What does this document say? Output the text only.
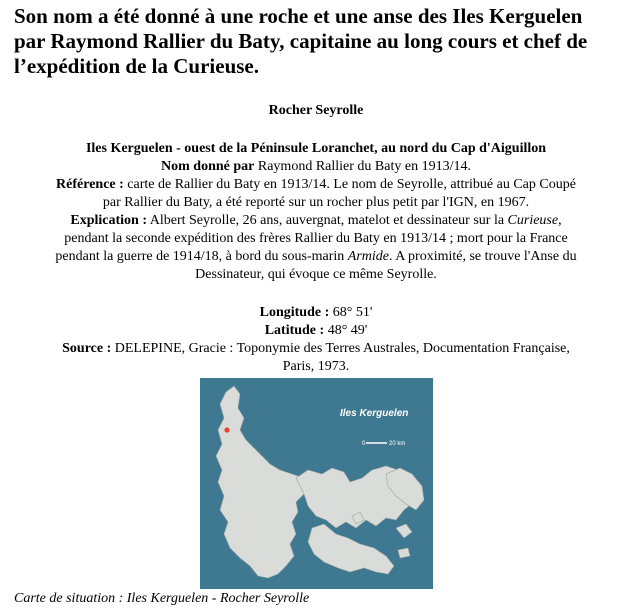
Son nom a été donné à une roche et une anse des Iles Kerguelen
par Raymond Rallier du Baty, capitaine au long cours et chef de
l’expédition de la Curieuse.
Rocher Seyrolle
Iles Kerguelen - ouest de la Péninsule Loranchet, au nord du Cap d'Aiguillon
Nom donné par Raymond Rallier du Baty en 1913/14.
Référence : carte de Rallier du Baty en 1913/14. Le nom de Seyrolle, attribué au Cap Coupé
par Rallier du Baty, a été reporté sur un rocher plus petit par l'IGN, en 1967.
Explication : Albert Seyrolle, 26 ans, auvergnat, matelot et dessinateur sur la Curieuse,
pendant la seconde expédition des frères Rallier du Baty en 1913/14 ; mort pour la France
pendant la guerre de 1914/18, à bord du sous-marin Armide. A proximité, se trouve l'Anse du
Dessinateur, qui évoque ce même Seyrolle.
Longitude : 68° 51'
Latitude : 48° 49'
Source : DELEPINE, Gracie : Toponymie des Terres Australes, Documentation Française,
Paris, 1973.
Iles Kerguelen
0	20 km
Carte de situation : Iles Kerguelen - Rocher Seyrolle
